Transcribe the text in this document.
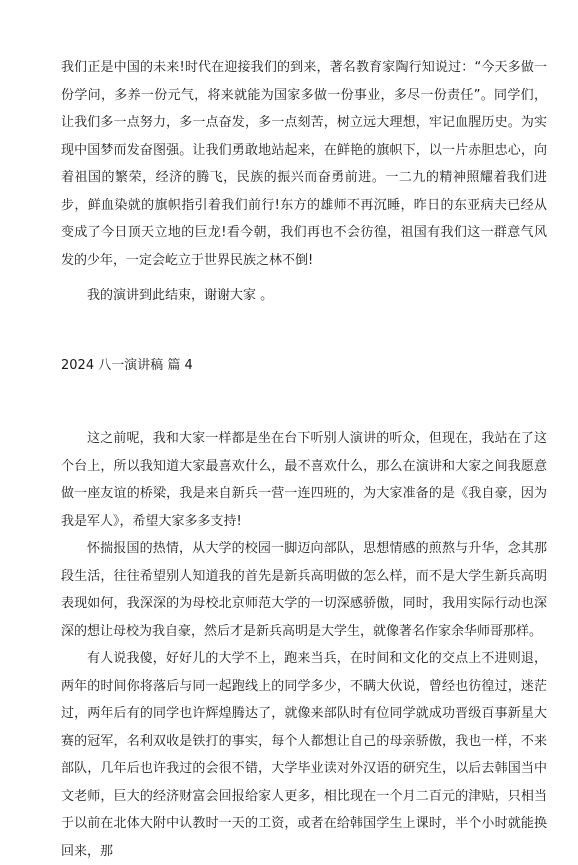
我们正是中国的未来!时代在迎接我们的到来，著名教育家陶行知说过：“今天多做一份学问，多养一份元气，将来就能为国家多做一份事业，多尽一份责任”。同学们，让我们多一点努力，多一点奋发，多一点刻苦，树立远大理想，牢记血腥历史。为实现中国梦而发奋图强。让我们勇敢地站起来，在鲜艳的旗帜下，以一片赤胆忠心，向着祖国的繁荣，经济的腾飞，民族的振兴而奋勇前进。一二九的精神照耀着我们进步，鲜血染就的旗帜指引着我们前行!东方的雄师不再沉睡，昨日的东亚病夫已经从变成了今日顶天立地的巨龙!看今朝，我们再也不会彷徨，祖国有我们这一群意气风发的少年，一定会屹立于世界民族之林不倒!

我的演讲到此结束，谢谢大家 。

2024 八一演讲稿 篇 4

这之前呢，我和大家一样都是坐在台下听别人演讲的听众，但现在，我站在了这个台上，所以我知道大家最喜欢什么，最不喜欢什么，那么在演讲和大家之间我愿意做一座友谊的桥梁，我是来自新兵一营一连四班的，为大家准备的是《我自豪，因为我是军人》，希望大家多多支持!

怀揣报国的热情，从大学的校园一脚迈向部队，思想情感的煎熬与升华，念其那段生活，往往希望别人知道我的首先是新兵高明做的怎么样，而不是大学生新兵高明表现如何，我深深的为母校北京师范大学的一切深感骄傲，同时，我用实际行动也深深的想让母校为我自豪，然后才是新兵高明是大学生，就像著名作家余华师哥那样。

有人说我傻，好好儿的大学不上，跑来当兵，在时间和文化的交点上不进则退，两年的时间你将落后与同一起跑线上的同学多少，不瞒大伙说，曾经也彷徨过，迷茫过，两年后有的同学也许辉煌腾达了，就像来部队时有位同学就成功晋级百事新星大赛的冠军，名利双收是铁打的事实，每个人都想让自己的母亲骄傲，我也一样，不来部队，几年后也许我过的会很不错，大学毕业读对外汉语的研究生，以后去韩国当中文老师，巨大的经济财富会回报给家人更多，相比现在一个月二百元的津贴，只相当于以前在北体大附中认教时一天的工资，或者在给韩国学生上课时，半个小时就能换回来，那
